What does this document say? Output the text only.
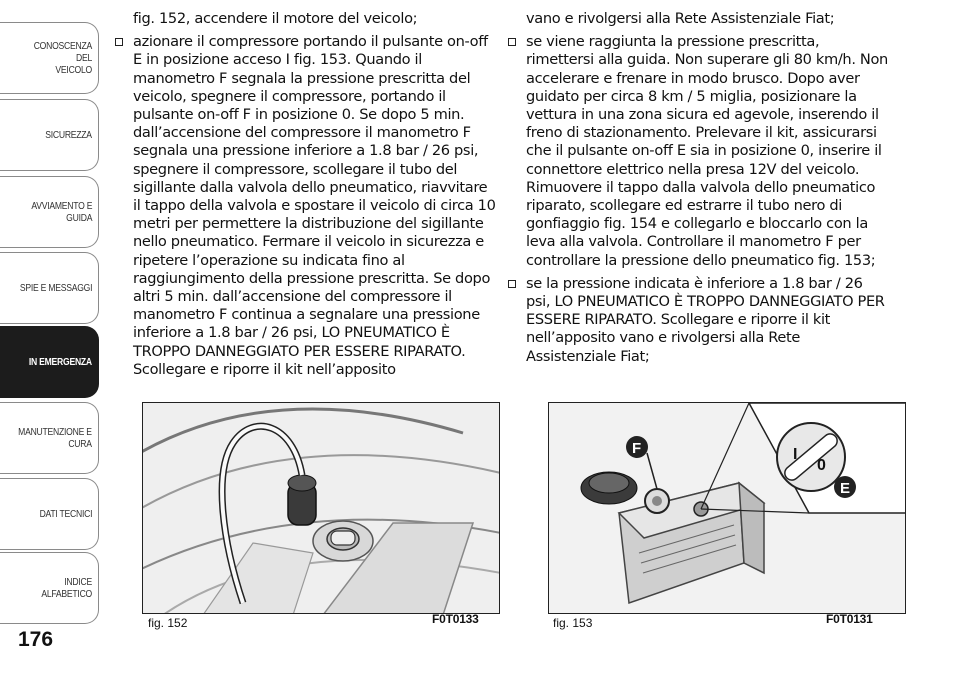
CONOSCENZA DEL
VEICOLO
SICUREZZA
AVVIAMENTO E
GUIDA
SPIE E MESSAGGI
IN EMERGENZA
MANUTENZIONE E
CURA
DATI TECNICI
INDICE ALFABETICO
176

fig. 152, accendere il motore del veicolo;

azionare il compressore portando il pulsante on-off E in posizione acceso I fig. 153. Quando il manometro F segnala la pressione prescritta del veicolo, spegnere il compressore, portando il pulsante on-off F in posizione 0. Se dopo 5 min. dall’accensione del compressore il manometro F segnala una pressione inferiore a 1.8 bar / 26 psi, spegnere il compressore, scollegare il tubo del sigillante dalla valvola dello pneumatico, riavvitare il tappo della valvola e spostare il veicolo di circa 10 metri per permettere la distribuzione del sigillante nello pneumatico. Fermare il veicolo in sicurezza e ripetere l’operazione su indicata fino al raggiungimento della pressione prescritta. Se dopo altri 5 min. dall’accensione del compressore il manometro F continua a segnalare una pressione inferiore a 1.8 bar / 26 psi, LO PNEUMATICO È TROPPO DANNEGGIATO PER ESSERE RIPARATO. Scollegare e riporre il kit nell’apposito

vano e rivolgersi alla Rete Assistenziale Fiat;

se viene raggiunta la pressione prescritta, rimettersi alla guida. Non superare gli 80 km/h. Non accelerare e frenare in modo brusco. Dopo aver guidato per circa 8 km / 5 miglia, posizionare la vettura in una zona sicura ed agevole, inserendo il freno di stazionamento. Prelevare il kit, assicurarsi che il pulsante on-off E sia in posizione 0, inserire il connettore elettrico nella presa 12V del veicolo. Rimuovere il tappo dalla valvola dello pneumatico riparato, scollegare ed estrarre il tubo nero di gonfiaggio fig. 154 e collegarlo e bloccarlo con la leva alla valvola. Controllare il manometro F per controllare la pressione dello pneumatico fig. 153;

se la pressione indicata è inferiore a 1.8 bar / 26 psi, LO PNEUMATICO È TROPPO DANNEGGIATO PER ESSERE RIPARATO. Scollegare e riporre il kit nell’apposito vano e rivolgersi alla Rete Assistenziale Fiat;

fig. 152	F0T0133
I
0
F
E
fig. 153	F0T0131
